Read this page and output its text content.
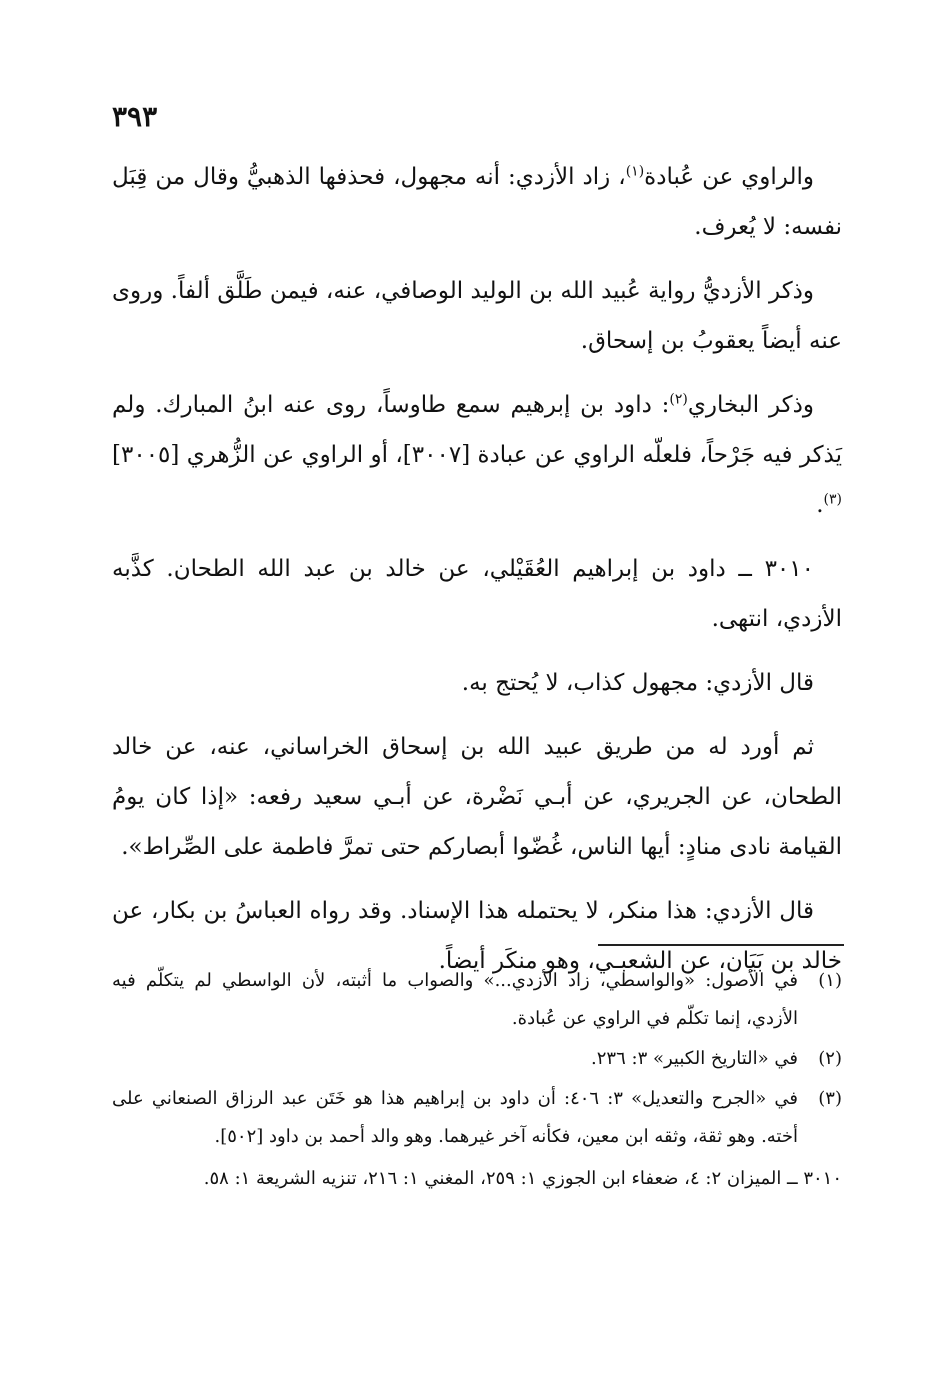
٣٩٣

والراوي عن عُبادة$^{(١)}$، زاد الأزدي: أنه مجهول، فحذفها الذهبيُّ وقال من قِبَل نفسه: لا يُعرف.

وذكر الأزديُّ رواية عُبيد الله بن الوليد الوصافي، عنه، فيمن طَلَّق ألفاً. وروى عنه أيضاً يعقوبُ بن إسحاق.

وذكر البخاري$^{(٢)}$: داود بن إبرهيم سمع طاوساً، روى عنه ابنُ المبارك. ولم يَذكر فيه جَرْحاً، فلعلّه الراوي عن عبادة [٣٠٠٧]، أو الراوي عن الزُّهري [٣٠٠٥]$^{(٣)}$.

٣٠١٠ ــ داود بن إبراهيم العُقَيْلي، عن خالد بن عبد الله الطحان. كذَّبه الأزدي، انتهى.

قال الأزدي: مجهول كذاب، لا يُحتج به.

ثم أورد له من طريق عبيد الله بن إسحاق الخراساني، عنه، عن خالد الطحان، عن الجريري، عن أبـي نَضْرة، عن أبـي سعيد رفعه: «إذا كان يومُ القيامة نادى منادٍ: أيها الناس، غُضّوا أبصاركم حتى تمرَّ فاطمة على الصِّراط».

قال الأزدي: هذا منكر، لا يحتمله هذا الإسناد. وقد رواه العباسُ بن بكار، عن خالد بن بَيَان، عن الشعبـي، وهو منكَر أيضاً.

(١)
في الأصول: «والواسطي، زاد الأزدي...» والصواب ما أثبته، لأن الواسطي لم يتكلّم فيه الأزدي، إنما تكلّم في الراوي عن عُبادة.
(٢)
في «التاريخ الكبير» ٣: ٢٣٦.
(٣)
في «الجرح والتعديل» ٣: ٤٠٦: أن داود بن إبراهيم هذا هو خَتَن عبد الرزاق الصنعاني على أخته. وهو ثقة، وثقه ابن معين، فكأنه آخر غيرهما. وهو والد أحمد بن داود [٥٠٢].
٣٠١٠ ــ الميزان ٢: ٤، ضعفاء ابن الجوزي ١: ٢٥٩، المغني ١: ٢١٦، تنزيه الشريعة ١: ٥٨.
